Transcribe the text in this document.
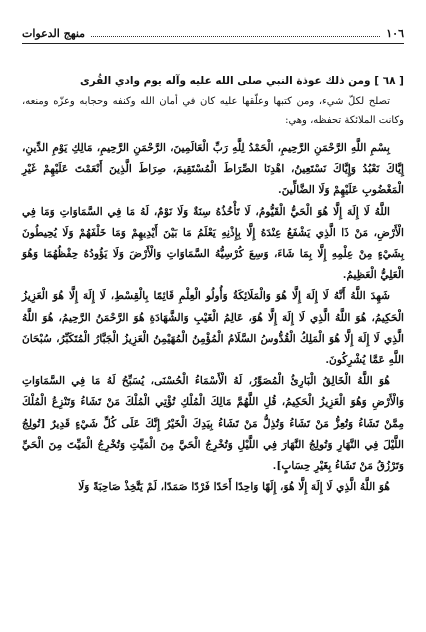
١٠٦
منهج الدعوات
[ ٦٨ ] ومن ذلك عوذة النبي صلى الله عليه وآله يوم وادي القُرى

تصلح لكلّ شيء، ومن كتبها وعلّقها عليه كان في أمان الله وكنفه وحجابه وعزّه ومنعه، وكانت الملائكة تحفظه، وهي:

بِسْمِ اللَّهِ الرَّحْمَنِ الرَّحِيمِ، الْحَمْدُ لِلَّهِ رَبِّ الْعَالَمِينَ، الرَّحْمَنِ الرَّحِيمِ، مَالِكِ يَوْمِ الدِّينِ، إِيَّاكَ نَعْبُدُ وَإِيَّاكَ نَسْتَعِينُ، اهْدِنَا الصِّرَاطَ الْمُسْتَقِيمَ، صِرَاطَ الَّذِينَ أَنْعَمْتَ عَلَيْهِمْ غَيْرِ الْمَغْضُوبِ عَلَيْهِمْ وَلَا الضَّالِّينَ.

اللَّهُ لَا إِلَهَ إِلَّا هُوَ الْحَيُّ الْقَيُّومُ، لَا تَأْخُذُهُ سِنَةٌ وَلَا نَوْمٌ، لَهُ مَا فِي السَّمَاوَاتِ وَمَا فِي الْأَرْضِ، مَنْ ذَا الَّذِي يَشْفَعُ عِنْدَهُ إِلَّا بِإِذْنِهِ يَعْلَمُ مَا بَيْنَ أَيْدِيهِمْ وَمَا خَلْفَهُمْ وَلَا يُحِيطُونَ بِشَيْءٍ مِنْ عِلْمِهِ إِلَّا بِمَا شَاءَ، وَسِعَ كُرْسِيُّهُ السَّمَاوَاتِ وَالْأَرْضَ وَلَا يَؤُودُهُ حِفْظُهُمَا وَهُوَ الْعَلِيُّ الْعَظِيمُ.

شَهِدَ اللَّهُ أَنَّهُ لَا إِلَهَ إِلَّا هُوَ وَالْمَلَائِكَةُ وَأُولُو الْعِلْمِ قَائِمًا بِالْقِسْطِ، لَا إِلَهَ إِلَّا هُوَ الْعَزِيزُ الْحَكِيمُ، هُوَ اللَّهُ الَّذِي لَا إِلَهَ إِلَّا هُوَ، عَالِمُ الْغَيْبِ وَالشَّهَادَةِ هُوَ الرَّحْمَنُ الرَّحِيمُ، هُوَ اللَّهُ الَّذِي لَا إِلَهَ إِلَّا هُوَ الْمَلِكُ الْقُدُّوسُ السَّلَامُ الْمُؤْمِنُ الْمُهَيْمِنُ الْعَزِيزُ الْجَبَّارُ الْمُتَكَبِّرُ، سُبْحَانَ اللَّهِ عَمَّا يُشْرِكُونَ.

هُوَ اللَّهُ الْخَالِقُ الْبَارِئُ الْمُصَوِّرُ، لَهُ الْأَسْمَاءُ الْحُسْنَى، يُسَبِّحُ لَهُ مَا فِي السَّمَاوَاتِ وَالْأَرْضِ وَهُوَ الْعَزِيزُ الْحَكِيمُ، قُلِ اللَّهُمَّ مَالِكَ الْمُلْكِ تُؤْتِي الْمُلْكَ مَنْ تَشَاءُ وَتَنْزِعُ الْمُلْكَ مِمَّنْ تَشَاءُ وَتُعِزُّ مَنْ تَشَاءُ وَتُذِلُّ مَنْ تَشَاءُ بِيَدِكَ الْخَيْرُ إِنَّكَ عَلَى كُلِّ شَيْءٍ قَدِيرٌ [تُولِجُ اللَّيْلَ فِي النَّهَارِ وَتُولِجُ النَّهَارَ فِي اللَّيْلِ وَتُخْرِجُ الْحَيَّ مِنَ الْمَيِّتِ وَتُخْرِجُ الْمَيِّتَ مِنَ الْحَيِّ وَتَرْزُقُ مَنْ تَشَاءُ بِغَيْرِ حِسَابٍ].

هُوَ اللَّهُ الَّذِي لَا إِلَهَ إِلَّا هُوَ، إِلَهًا وَاحِدًا أَحَدًا فَرْدًا صَمَدًا، لَمْ يَتَّخِذْ صَاحِبَةً وَلَا
